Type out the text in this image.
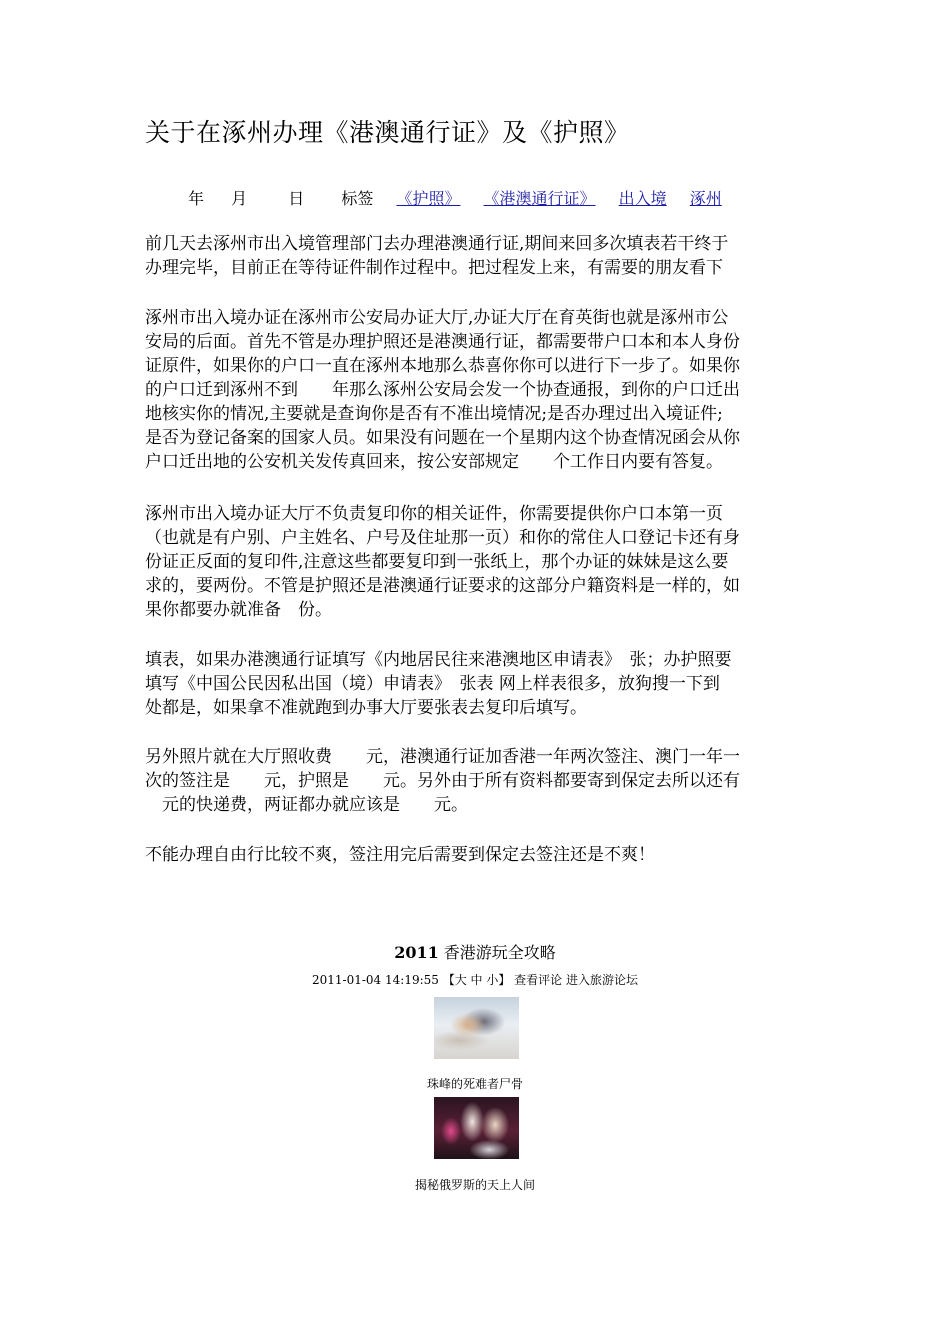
关于在涿州办理《港澳通行证》及《护照》
年 月	日 标签 《护照》 《港澳通行证》 出入境 涿州
前几天去涿州市出入境管理部门去办理港澳通行证,期间来回多次填表若干终于
办理完毕，目前正在等待证件制作过程中。把过程发上来，有需要的朋友看下
涿州市出入境办证在涿州市公安局办证大厅,办证大厅在育英街也就是涿州市公
安局的后面。首先不管是办理护照还是港澳通行证，都需要带户口本和本人身份
证原件，如果你的户口一直在涿州本地那么恭喜你你可以进行下一步了。如果你
的户口迁到涿州不到　　年那么涿州公安局会发一个协查通报，到你的户口迁出
地核实你的情况,主要就是查询你是否有不准出境情况;是否办理过出入境证件;
是否为登记备案的国家人员。如果没有问题在一个星期内这个协查情况函会从你
户口迁出地的公安机关发传真回来，按公安部规定　　个工作日内要有答复。
涿州市出入境办证大厅不负责复印你的相关证件，你需要提供你户口本第一页
（也就是有户别、户主姓名、户号及住址那一页）和你的常住人口登记卡还有身
份证正反面的复印件,注意这些都要复印到一张纸上，那个办证的妹妹是这么要
求的，要两份。不管是护照还是港澳通行证要求的这部分户籍资料是一样的，如
果你都要办就准备　份。
填表，如果办港澳通行证填写《内地居民往来港澳地区申请表》　张；办护照要
填写《中国公民因私出国（境）申请表》　张表 网上样表很多，放狗搜一下到
处都是，如果拿不准就跑到办事大厅要张表去复印后填写。
另外照片就在大厅照收费　　元，港澳通行证加香港一年两次签注、澳门一年一
次的签注是　　元，护照是　　元。另外由于所有资料都要寄到保定去所以还有
　元的快递费，两证都办就应该是　　元。
不能办理自由行比较不爽，签注用完后需要到保定去签注还是不爽！
2011 香港游玩全攻略
2011-01-04 14:19:55 【大 中 小】 查看评论 进入旅游论坛
珠峰的死难者尸骨
揭秘俄罗斯的天上人间
